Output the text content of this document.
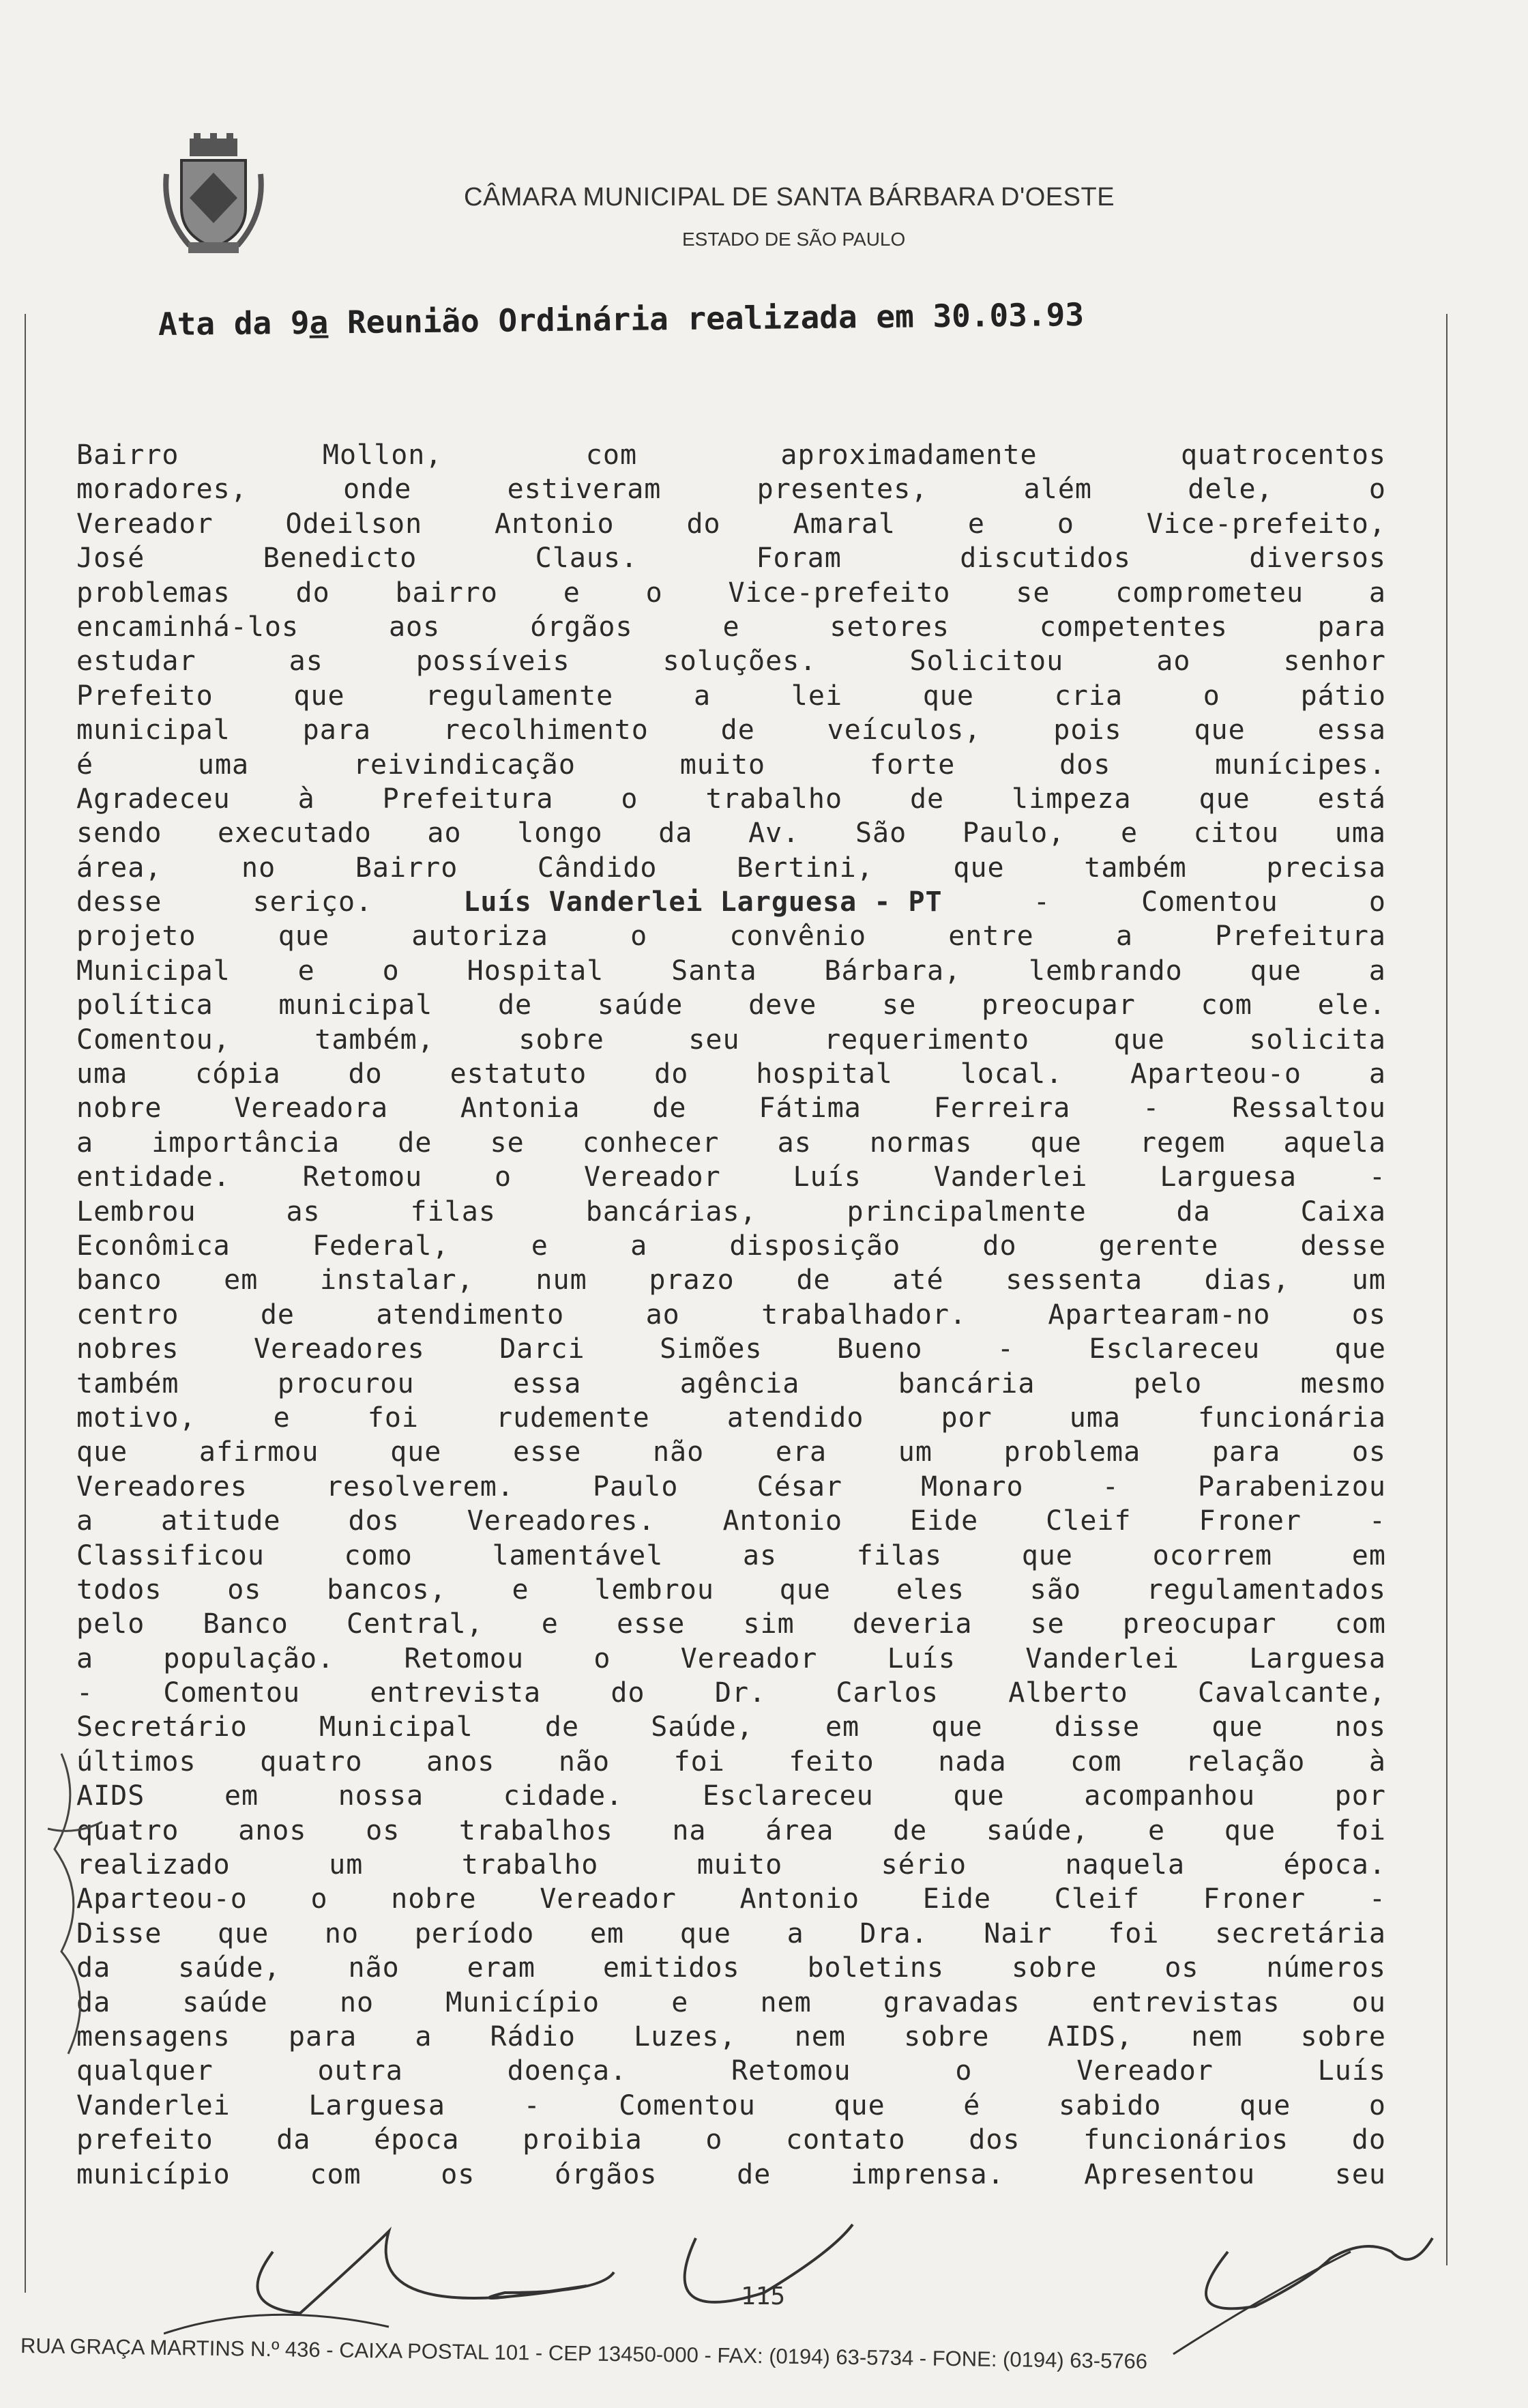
CÂMARA MUNICIPAL DE SANTA BÁRBARA D'OESTE
ESTADO DE SÃO PAULO
Ata da 9a Reunião Ordinária realizada em 30.03.93
Bairro	Mollon,	com	aproximadamente	quatrocentos
moradores,	onde	estiveram	presentes,	além	dele,	o
Vereador	Odeilson	Antonio	do	Amaral	e	o	Vice-prefeito,
José	Benedicto	Claus.	Foram	discutidos	diversos
problemas do bairro e o Vice-prefeito se comprometeu a
encaminhá-los	aos	órgãos	e	setores	competentes	para
estudar	as	possíveis	soluções.	Solicitou	ao	senhor
Prefeito	que	regulamente	a	lei	que	cria	o	pátio
municipal	para	recolhimento	de	veículos,	pois	que	essa
é	uma	reivindicação	muito	forte	dos	munícipes.
Agradeceu à Prefeitura o trabalho de limpeza que está
sendo executado ao longo da Av. São Paulo, e citou uma
área,	no	Bairro	Cândido	Bertini,	que	também	precisa
desse	seriço.	Luís Vanderlei Larguesa - PT	-	Comentou	o
projeto	que	autoriza	o	convênio	entre	a	Prefeitura
Municipal e o Hospital Santa Bárbara, lembrando que a
política municipal de saúde deve se preocupar com ele.
Comentou,	também,	sobre	seu	requerimento	que	solicita
uma cópia do estatuto do hospital local. Aparteou-o a
nobre	Vereadora	Antonia	de	Fátima	Ferreira	-	Ressaltou
a importância de se conhecer as normas que regem aquela
entidade.	Retomou	o	Vereador	Luís	Vanderlei	Larguesa	-
Lembrou	as	filas	bancárias,	principalmente	da	Caixa
Econômica	Federal,	e	a	disposição	do	gerente	desse
banco em instalar, num prazo de até sessenta dias, um
centro	de	atendimento	ao	trabalhador.	Apartearam-no	os
nobres	Vereadores	Darci	Simões	Bueno	-	Esclareceu	que
também	procurou	essa	agência	bancária	pelo	mesmo
motivo,	e	foi	rudemente	atendido	por	uma	funcionária
que	afirmou	que	esse	não	era	um	problema	para	os
Vereadores	resolverem.	Paulo	César	Monaro	-	Parabenizou
a atitude dos Vereadores. Antonio Eide Cleif Froner -
Classificou	como	lamentável	as	filas	que	ocorrem	em
todos os bancos, e lembrou que eles são regulamentados
pelo Banco Central, e esse sim deveria se preocupar com
a	população.	Retomou	o	Vereador	Luís	Vanderlei	Larguesa
-	Comentou	entrevista	do	Dr.	Carlos	Alberto	Cavalcante,
Secretário	Municipal	de	Saúde,	em	que	disse	que	nos
últimos quatro anos não foi feito nada com relação à
AIDS	em	nossa	cidade.	Esclareceu	que	acompanhou	por
quatro anos os trabalhos na área de saúde, e que foi
realizado	um	trabalho	muito	sério	naquela	época.
Aparteou-o o nobre Vereador Antonio Eide Cleif Froner -
Disse que no período em que a Dra. Nair foi secretária
da saúde, não eram emitidos boletins sobre os números
da	saúde	no	Município	e	nem	gravadas	entrevistas	ou
mensagens para a Rádio Luzes, nem sobre AIDS, nem sobre
qualquer	outra	doença.	Retomou	o	Vereador	Luís
Vanderlei	Larguesa	-	Comentou	que	é	sabido	que	o
prefeito da época proibia o contato dos funcionários do
município	com	os	órgãos	de	imprensa.	Apresentou	seu
115
RUA GRAÇA MARTINS N.º 436 - CAIXA POSTAL 101 - CEP 13450-000 - FAX: (0194) 63-5734 - FONE: (0194) 63-5766
